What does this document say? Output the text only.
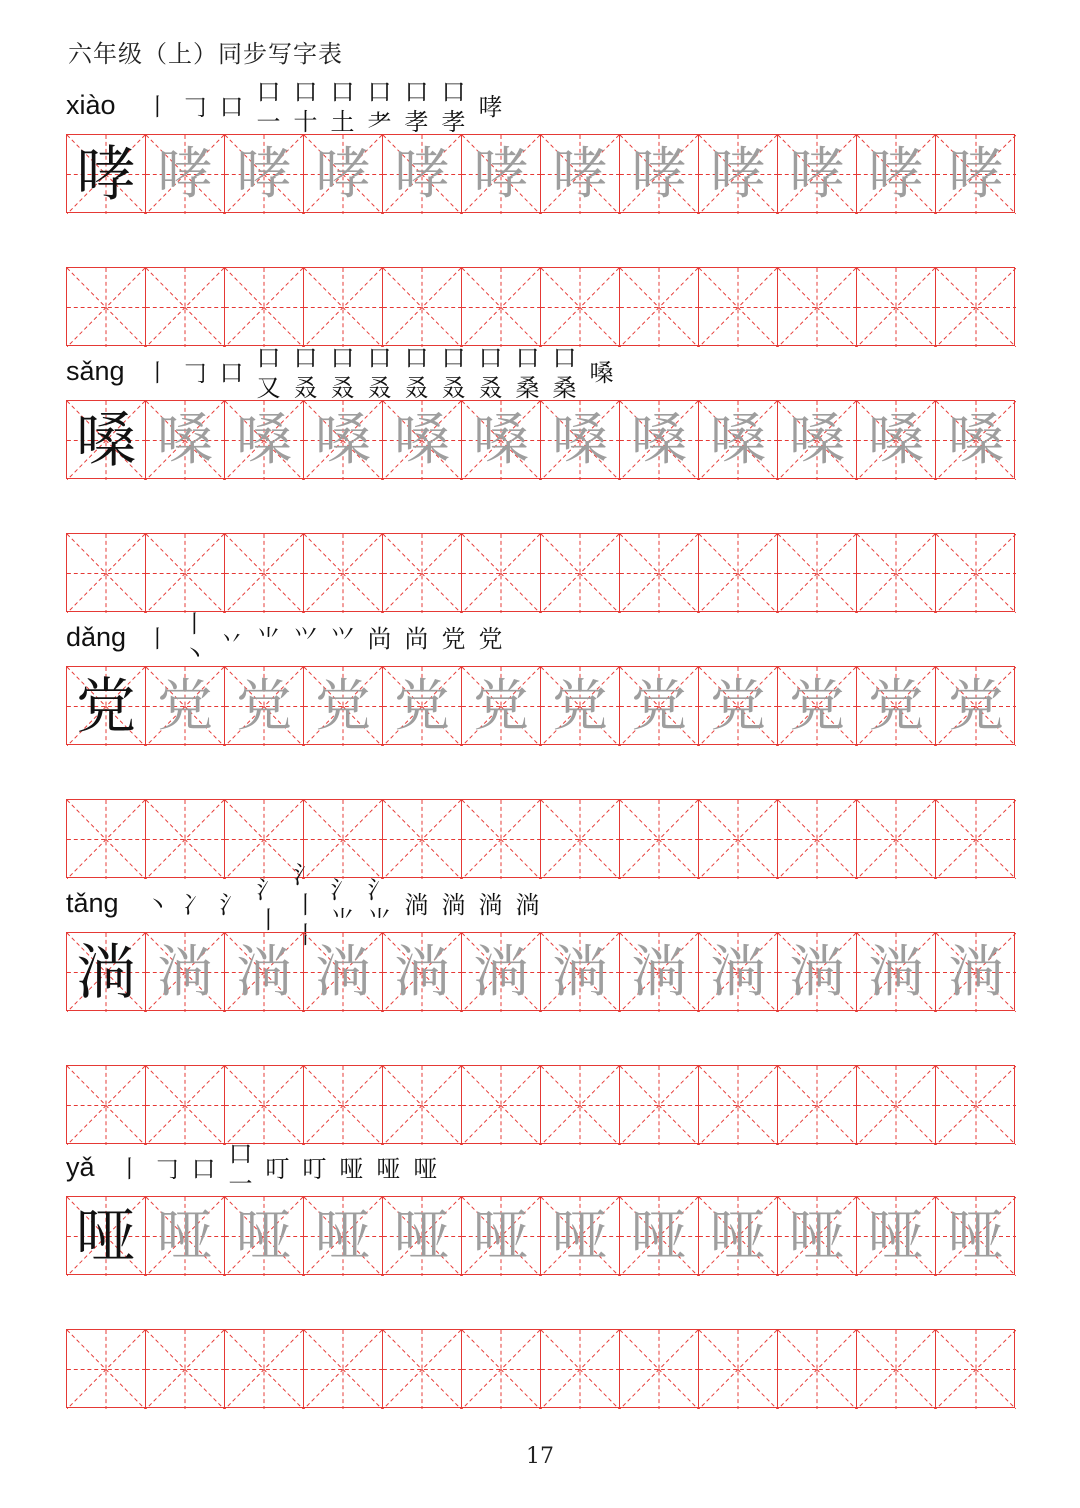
六年级（上）同步写字表
xiào 丨 𠃌 口
口一
口十
口土
口耂
口孝
口孝
哮
哮 哮 哮 哮 哮 哮 哮 哮 哮 哮 哮 哮
sǎng 丨 𠃌 口
口又
口叒
口叒
口叒
口叒
口叒
口叒
口桑
口桑
嗓
嗓 嗓 嗓 嗓 嗓 嗓 嗓 嗓 嗓 嗓 嗓 嗓
dǎng 丨
丨丶
丷 ⺌ ⺍ ⺍ 尚 尚 党 党
党 党 党 党 党 党 党 党 党 党 党 党
tǎng 丶 冫 氵
氵丨
氵丨丨
氵⺌
氵⺌
淌 淌 淌 淌
淌 淌 淌 淌 淌 淌 淌 淌 淌 淌 淌 淌
yǎ 丨 𠃌 口
口一
叮 叮 哑 哑 哑
哑 哑 哑 哑 哑 哑 哑 哑 哑 哑 哑 哑
17
